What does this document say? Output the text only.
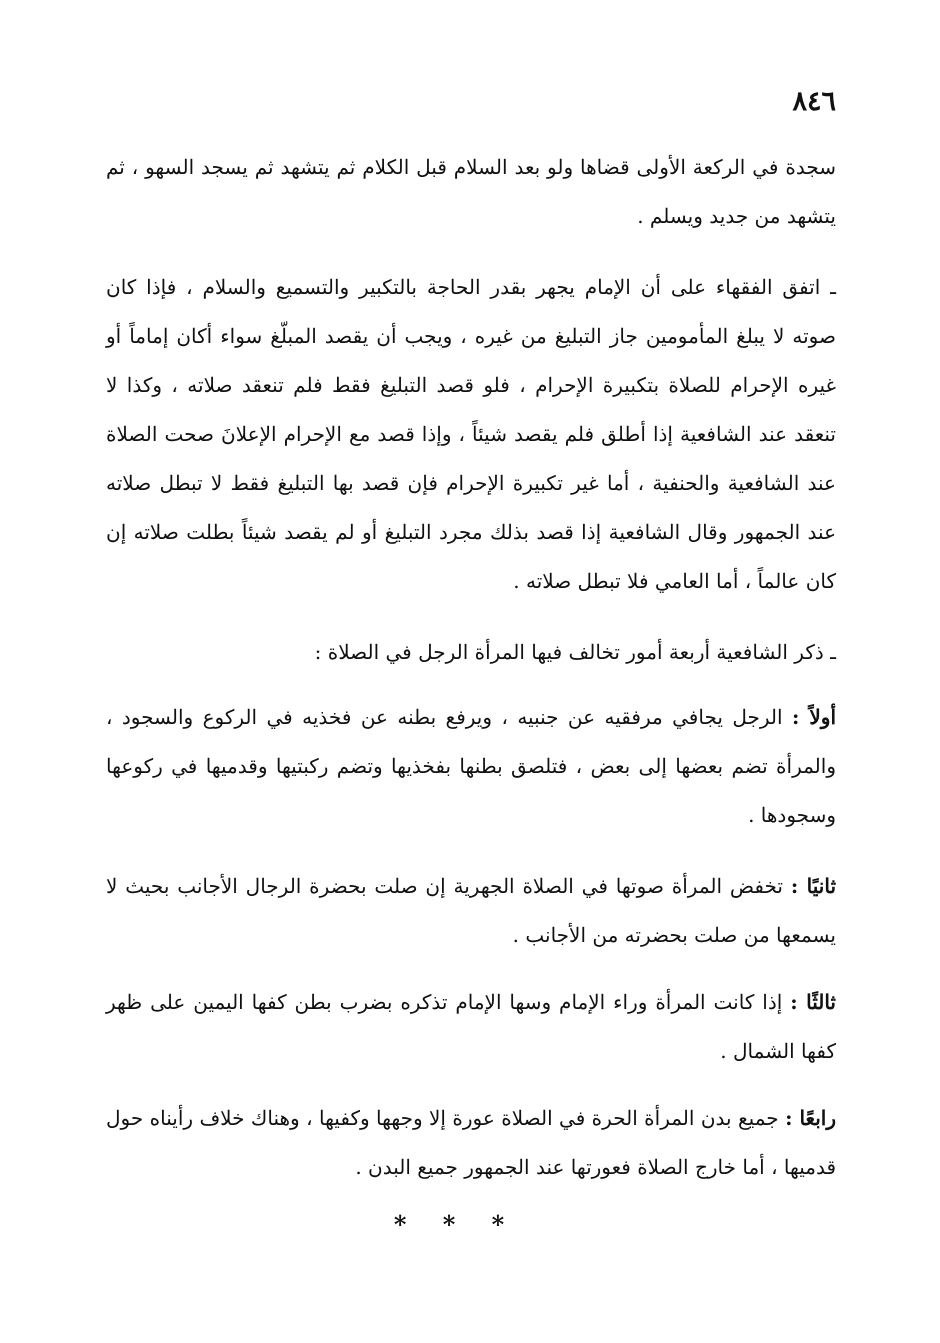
٨٤٦

سجدة في الركعة الأولى قضاها ولو بعد السلام قبل الكلام ثم يتشهد ثم يسجد السهو ، ثم يتشهد من جديد ويسلم .

ـ اتفق الفقهاء على أن الإمام يجهر بقدر الحاجة بالتكبير والتسميع والسلام ، فإذا كان صوته لا يبلغ المأمومين جاز التبليغ من غيره ، ويجب أن يقصد المبلّغ سواء أكان إماماً أو غيره الإحرام للصلاة بتكبيرة الإحرام ، فلو قصد التبليغ فقط فلم تنعقد صلاته ، وكذا لا تنعقد عند الشافعية إذا أطلق فلم يقصد شيئاً ، وإذا قصد مع الإحرام الإعلانَ صحت الصلاة عند الشافعية والحنفية ، أما غير تكبيرة الإحرام فإن قصد بها التبليغ فقط لا تبطل صلاته عند الجمهور وقال الشافعية إذا قصد بذلك مجرد التبليغ أو لم يقصد شيئاً بطلت صلاته إن كان عالماً ، أما العامي فلا تبطل صلاته .

ـ ذكر الشافعية أربعة أمور تخالف فيها المرأة الرجل في الصلاة :

أولاً : الرجل يجافي مرفقيه عن جنبيه ، ويرفع بطنه عن فخذيه في الركوع والسجود ، والمرأة تضم بعضها إلى بعض ، فتلصق بطنها بفخذيها وتضم ركبتيها وقدميها في ركوعها وسجودها .

ثانيًا : تخفض المرأة صوتها في الصلاة الجهرية إن صلت بحضرة الرجال الأجانب بحيث لا يسمعها من صلت بحضرته من الأجانب .

ثالثًا : إذا كانت المرأة وراء الإمام وسها الإمام تذكره بضرب بطن كفها اليمين على ظهر كفها الشمال .

رابعًا : جميع بدن المرأة الحرة في الصلاة عورة إلا وجهها وكفيها ، وهناك خلاف رأيناه حول قدميها ، أما خارج الصلاة فعورتها عند الجمهور جميع البدن .

* * *
